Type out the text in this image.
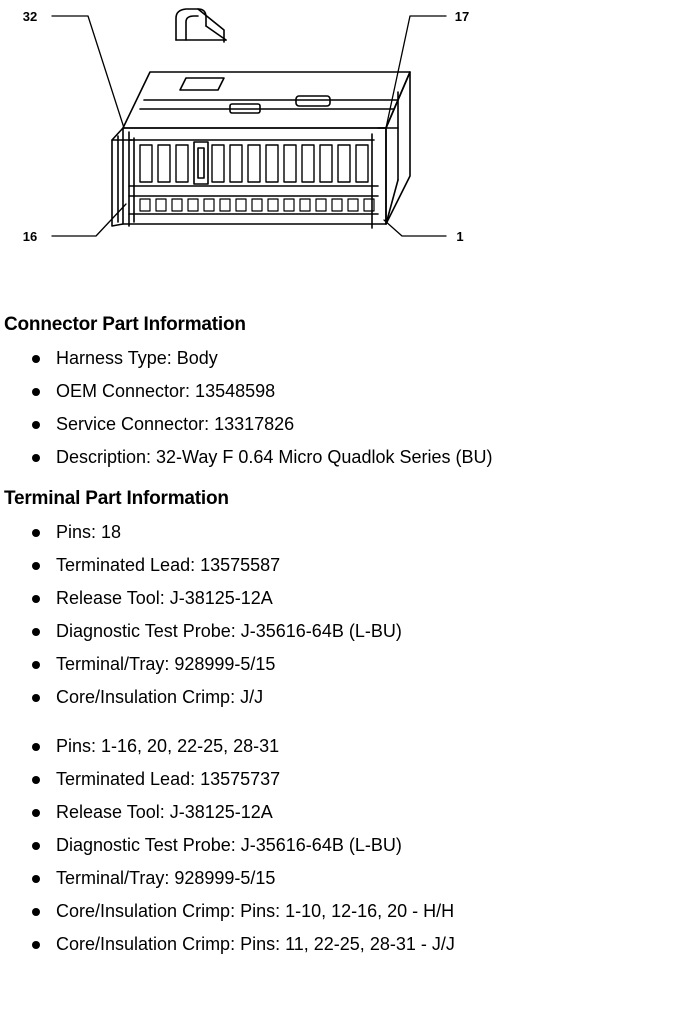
32	17
16	1
Connector Part Information
Harness Type: Body
OEM Connector: 13548598
Service Connector: 13317826
Description: 32-Way F 0.64 Micro Quadlok Series (BU)
Terminal Part Information
Pins: 18
Terminated Lead: 13575587
Release Tool: J-38125-12A
Diagnostic Test Probe: J-35616-64B (L-BU)
Terminal/Tray: 928999-5/15
Core/Insulation Crimp: J/J
Pins: 1-16, 20, 22-25, 28-31
Terminated Lead: 13575737
Release Tool: J-38125-12A
Diagnostic Test Probe: J-35616-64B (L-BU)
Terminal/Tray: 928999-5/15
Core/Insulation Crimp: Pins: 1-10, 12-16, 20 - H/H
Core/Insulation Crimp: Pins: 11, 22-25, 28-31 - J/J
